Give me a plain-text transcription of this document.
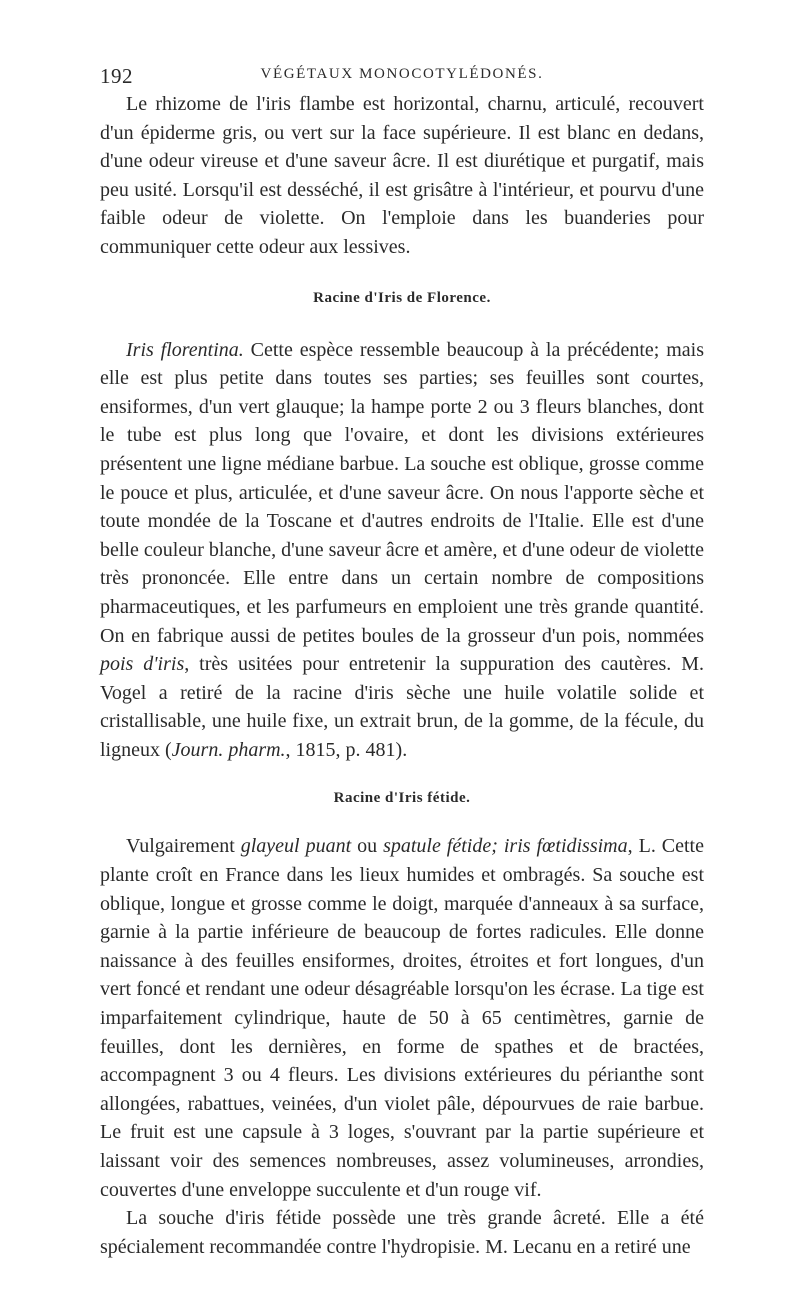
192	VÉGÉTAUX MONOCOTYLÉDONÉS.

Le rhizome de l'iris flambe est horizontal, charnu, articulé, recouvert d'un épiderme gris, ou vert sur la face supérieure. Il est blanc en dedans, d'une odeur vireuse et d'une saveur âcre. Il est diurétique et purgatif, mais peu usité. Lorsqu'il est desséché, il est grisâtre à l'intérieur, et pourvu d'une faible odeur de violette. On l'emploie dans les buanderies pour communiquer cette odeur aux lessives.

Racine d'Iris de Florence.

Iris florentina. Cette espèce ressemble beaucoup à la précédente; mais elle est plus petite dans toutes ses parties; ses feuilles sont courtes, ensiformes, d'un vert glauque; la hampe porte 2 ou 3 fleurs blanches, dont le tube est plus long que l'ovaire, et dont les divisions extérieures présentent une ligne médiane barbue. La souche est oblique, grosse comme le pouce et plus, articulée, et d'une saveur âcre. On nous l'apporte sèche et toute mondée de la Toscane et d'autres endroits de l'Italie. Elle est d'une belle couleur blanche, d'une saveur âcre et amère, et d'une odeur de violette très prononcée. Elle entre dans un certain nombre de compositions pharmaceutiques, et les parfumeurs en emploient une très grande quantité. On en fabrique aussi de petites boules de la grosseur d'un pois, nommées pois d'iris, très usitées pour entretenir la suppuration des cautères. M. Vogel a retiré de la racine d'iris sèche une huile volatile solide et cristallisable, une huile fixe, un extrait brun, de la gomme, de la fécule, du ligneux (Journ. pharm., 1815, p. 481).

Racine d'Iris fétide.

Vulgairement glayeul puant ou spatule fétide; iris fœtidissima, L. Cette plante croît en France dans les lieux humides et ombragés. Sa souche est oblique, longue et grosse comme le doigt, marquée d'anneaux à sa surface, garnie à la partie inférieure de beaucoup de fortes radicules. Elle donne naissance à des feuilles ensiformes, droites, étroites et fort longues, d'un vert foncé et rendant une odeur désagréable lorsqu'on les écrase. La tige est imparfaitement cylindrique, haute de 50 à 65 centimètres, garnie de feuilles, dont les dernières, en forme de spathes et de bractées, accompagnent 3 ou 4 fleurs. Les divisions extérieures du périanthe sont allongées, rabattues, veinées, d'un violet pâle, dépourvues de raie barbue. Le fruit est une capsule à 3 loges, s'ouvrant par la partie supérieure et laissant voir des semences nombreuses, assez volumineuses, arrondies, couvertes d'une enveloppe succulente et d'un rouge vif.

La souche d'iris fétide possède une très grande âcreté. Elle a été spécialement recommandée contre l'hydropisie. M. Lecanu en a retiré une
